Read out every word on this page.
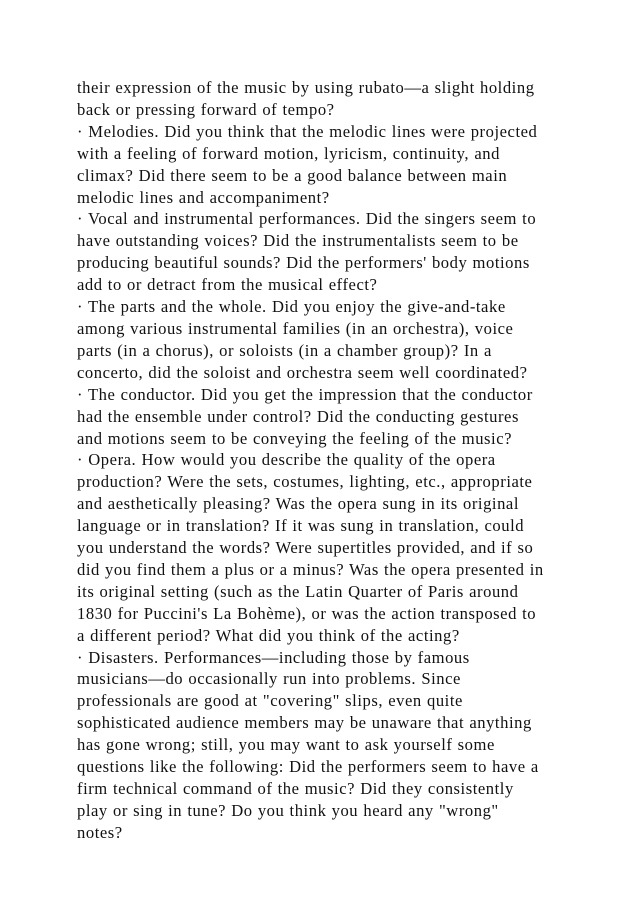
their expression of the music by using rubato—a slight holding
back or pressing forward of tempo?
· Melodies. Did you think that the melodic lines were projected
with a feeling of forward motion, lyricism, continuity, and
climax? Did there seem to be a good balance between main
melodic lines and accompaniment?
· Vocal and instrumental performances. Did the singers seem to
have outstanding voices? Did the instrumentalists seem to be
producing beautiful sounds? Did the performers' body motions
add to or detract from the musical effect?
· The parts and the whole. Did you enjoy the give-and-take
among various instrumental families (in an orchestra), voice
parts (in a chorus), or soloists (in a chamber group)? In a
concerto, did the soloist and orchestra seem well coordinated?
· The conductor. Did you get the impression that the conductor
had the ensemble under control? Did the conducting gestures
and motions seem to be conveying the feeling of the music?
· Opera. How would you describe the quality of the opera
production? Were the sets, costumes, lighting, etc., appropriate
and aesthetically pleasing? Was the opera sung in its original
language or in translation? If it was sung in translation, could
you understand the words? Were supertitles provided, and if so
did you find them a plus or a minus? Was the opera presented in
its original setting (such as the Latin Quarter of Paris around
1830 for Puccini's La Bohème), or was the action transposed to
a different period? What did you think of the acting?
· Disasters. Performances—including those by famous
musicians—do occasionally run into problems. Since
professionals are good at "covering" slips, even quite
sophisticated audience members may be unaware that anything
has gone wrong; still, you may want to ask yourself some
questions like the following: Did the performers seem to have a
firm technical command of the music? Did they consistently
play or sing in tune? Do you think you heard any "wrong"
notes?
